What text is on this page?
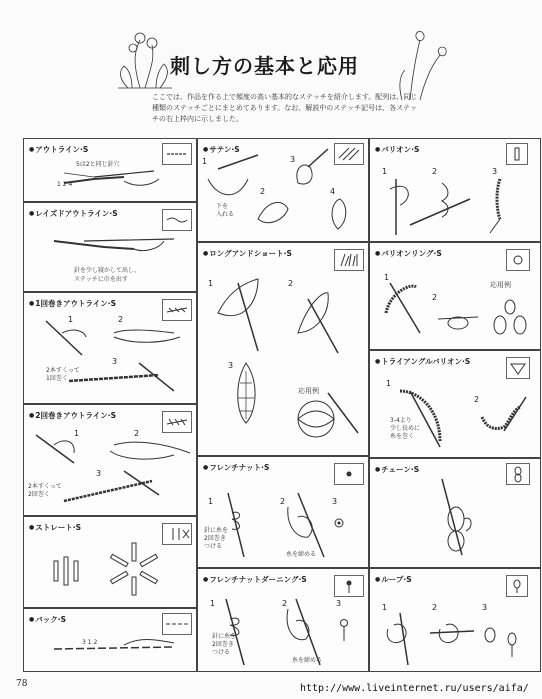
刺し方の基本と応用
ここでは、作品を作る上で頻度の高い基本的なステッチを紹介します。配列は、同じ種類のステッチごとにまとめてあります。なお、解説中のステッチ記号は、各ステッチの右上枠内に示しました。
● アウトライン·S
5は2と同じ針穴
1 2 4
● レイズドアウトライン·S
針を少し寝かして出し、
ステッチに巾を出す
● 1回巻きアウトライン·S
1	2
3
2本すくって
1回巻く
● 2回巻きアウトライン·S
1	2
3
2本すくって
2回巻く
● ストレート·S
● バック·S
3 1 2
● サテン·S
1
2
3
4
下を
入れる
● ロングアンドショート·S
1	2
3
応用例
● フレンチナット·S
1	2	3
針に糸を
2回巻き
つける
糸を締める
● フレンチナットダーニング·S
1	2	3
針に糸を
2回巻き
つける
糸を締める
● バリオン·S
1	2	3
● バリオンリング·S
1
2
応用例
● トライアングルバリオン·S
1
2
3-4より
少し長めに
糸を巻く
● チェーン·S
● ループ·S
1	2	3
78	http://www.liveinternet.ru/users/aifa/
